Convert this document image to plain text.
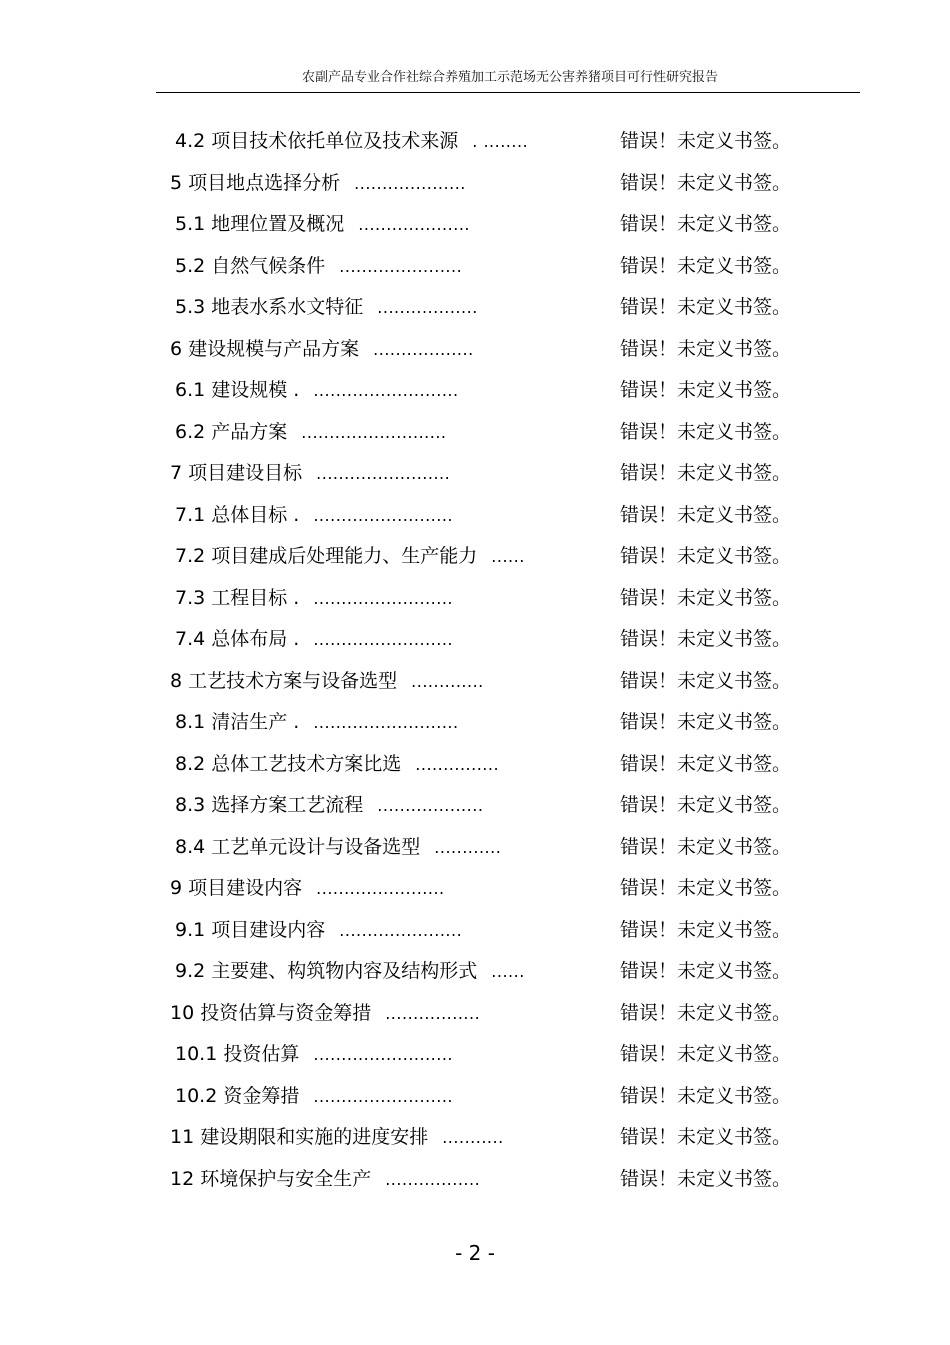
农副产品专业合作社综合养殖加工示范场无公害养猪项目可行性研究报告
4.2 项目技术依托单位及技术来源 . ........	错误！未定义书签。
5 项目地点选择分析 ....................	错误！未定义书签。
5.1 地理位置及概况 ....................	错误！未定义书签。
5.2 自然气候条件 ......................	错误！未定义书签。
5.3 地表水系水文特征 ..................	错误！未定义书签。
6 建设规模与产品方案 ..................	错误！未定义书签。
6.1 建设规模 . ..........................	错误！未定义书签。
6.2 产品方案 ..........................	错误！未定义书签。
7 项目建设目标 ........................	错误！未定义书签。
7.1 总体目标 . .........................	错误！未定义书签。
7.2 项目建成后处理能力、生产能力 ......	错误！未定义书签。
7.3 工程目标 . .........................	错误！未定义书签。
7.4 总体布局 . .........................	错误！未定义书签。
8 工艺技术方案与设备选型 .............	错误！未定义书签。
8.1 清洁生产 . ..........................	错误！未定义书签。
8.2 总体工艺技术方案比选 ...............	错误！未定义书签。
8.3 选择方案工艺流程 ...................	错误！未定义书签。
8.4 工艺单元设计与设备选型 ............	错误！未定义书签。
9 项目建设内容 .......................	错误！未定义书签。
9.1 项目建设内容 ......................	错误！未定义书签。
9.2 主要建、构筑物内容及结构形式 ......	错误！未定义书签。
10 投资估算与资金筹措 .................	错误！未定义书签。
10.1 投资估算 .........................	错误！未定义书签。
10.2 资金筹措 .........................	错误！未定义书签。
11 建设期限和实施的进度安排 ...........	错误！未定义书签。
12 环境保护与安全生产 .................	错误！未定义书签。
- 2 -
